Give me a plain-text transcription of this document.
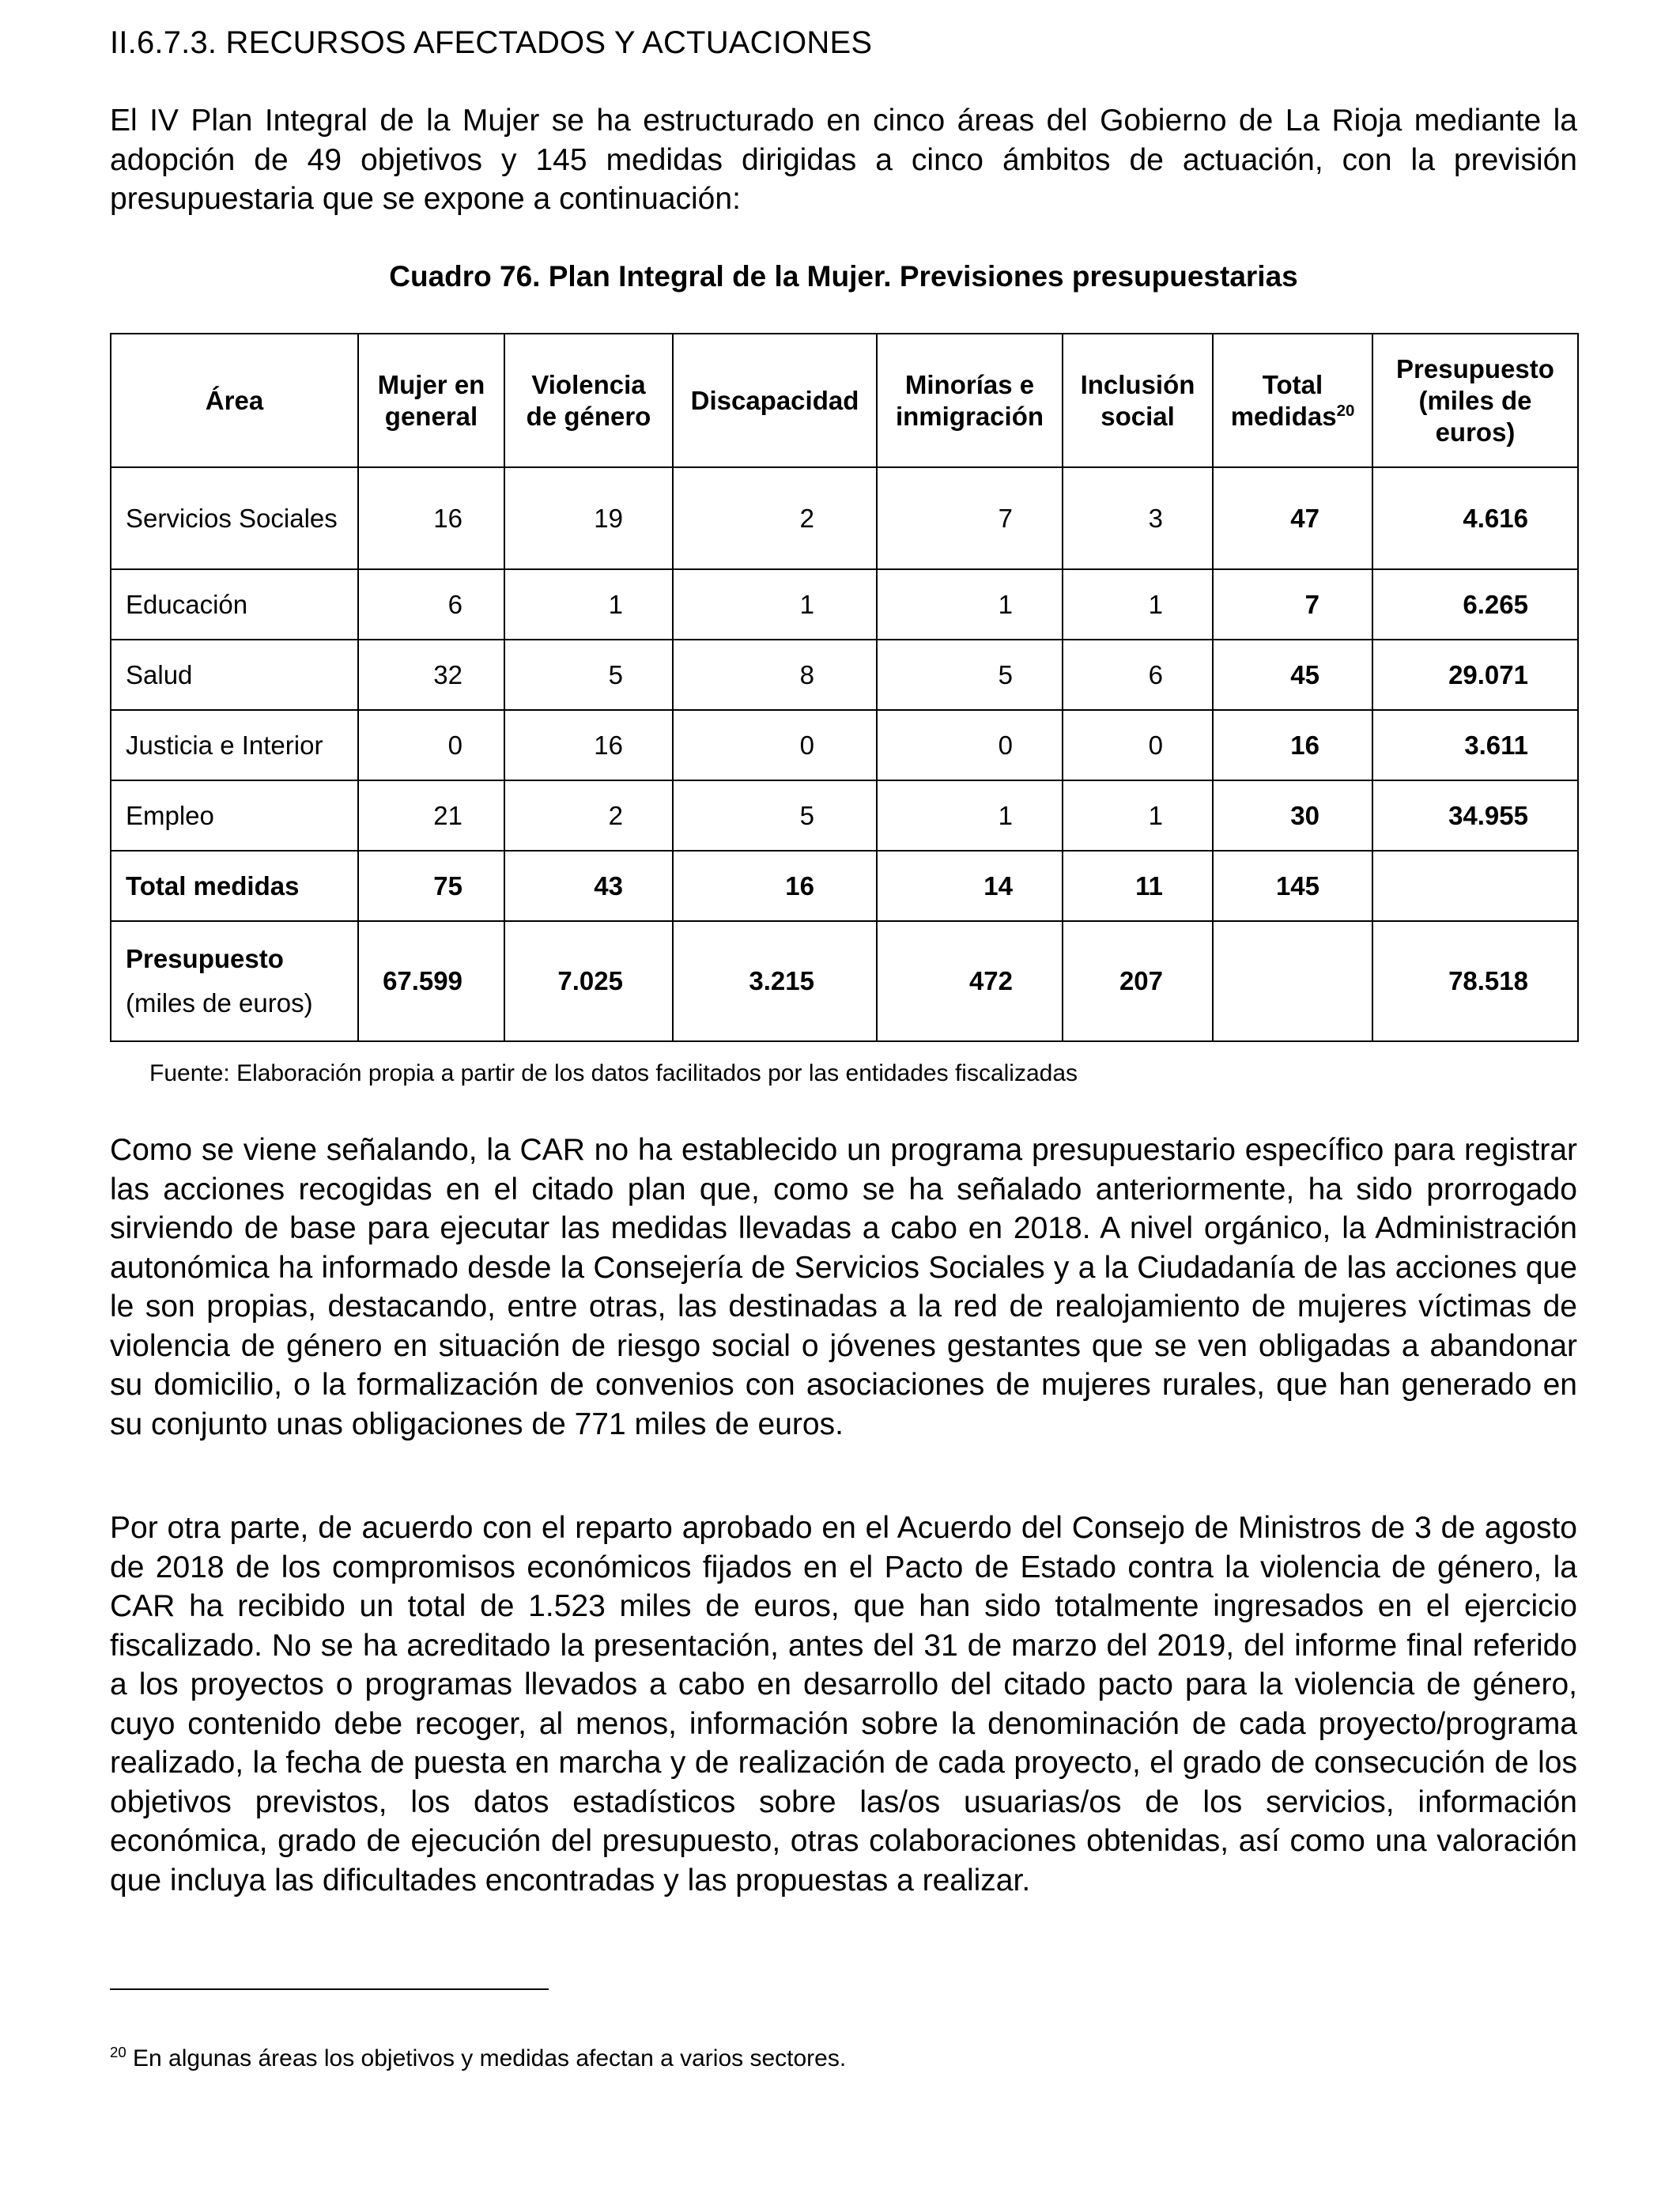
II.6.7.3. RECURSOS AFECTADOS Y ACTUACIONES

El IV Plan Integral de la Mujer se ha estructurado en cinco áreas del Gobierno de La Rioja mediante la adopción de 49 objetivos y 145 medidas dirigidas a cinco ámbitos de actuación, con la previsión presupuestaria que se expone a continuación:

Cuadro 76. Plan Integral de la Mujer. Previsiones presupuestarias
Área	Mujer en general	Violencia de género	Discapacidad	Minorías e inmigración	Inclusión social	Total medidas$^{20}$	Presupuesto (miles de euros)
Servicios Sociales	16	19	2	7	3	47	4.616
Educación	6	1	1	1	1	7	6.265
Salud	32	5	8	5	6	45	29.071
Justicia e Interior	0	16	0	0	0	16	3.611
Empleo	21	2	5	1	1	30	34.955
Total medidas	75	43	16	14	11	145	

Presupuesto
(miles de euros)	67.599	7.025	3.215	472	207		78.518
Fuente: Elaboración propia a partir de los datos facilitados por las entidades fiscalizadas

Como se viene señalando, la CAR no ha establecido un programa presupuestario específico para registrar las acciones recogidas en el citado plan que, como se ha señalado anteriormente, ha sido prorrogado sirviendo de base para ejecutar las medidas llevadas a cabo en 2018. A nivel orgánico, la Administración autonómica ha informado desde la Consejería de Servicios Sociales y a la Ciudadanía de las acciones que le son propias, destacando, entre otras, las destinadas a la red de realojamiento de mujeres víctimas de violencia de género en situación de riesgo social o jóvenes gestantes que se ven obligadas a abandonar su domicilio, o la formalización de convenios con asociaciones de mujeres rurales, que han generado en su conjunto unas obligaciones de 771 miles de euros.

Por otra parte, de acuerdo con el reparto aprobado en el Acuerdo del Consejo de Ministros de 3 de agosto de 2018 de los compromisos económicos fijados en el Pacto de Estado contra la violencia de género, la CAR ha recibido un total de 1.523 miles de euros, que han sido totalmente ingresados en el ejercicio fiscalizado. No se ha acreditado la presentación, antes del 31 de marzo del 2019, del informe final referido a los proyectos o programas llevados a cabo en desarrollo del citado pacto para la violencia de género, cuyo contenido debe recoger, al menos, información sobre la denominación de cada proyecto/programa realizado, la fecha de puesta en marcha y de realización de cada proyecto, el grado de consecución de los objetivos previstos, los datos estadísticos sobre las/os usuarias/os de los servicios, información económica, grado de ejecución del presupuesto, otras colaboraciones obtenidas, así como una valoración que incluya las dificultades encontradas y las propuestas a realizar.

$^{20}$ En algunas áreas los objetivos y medidas afectan a varios sectores.
